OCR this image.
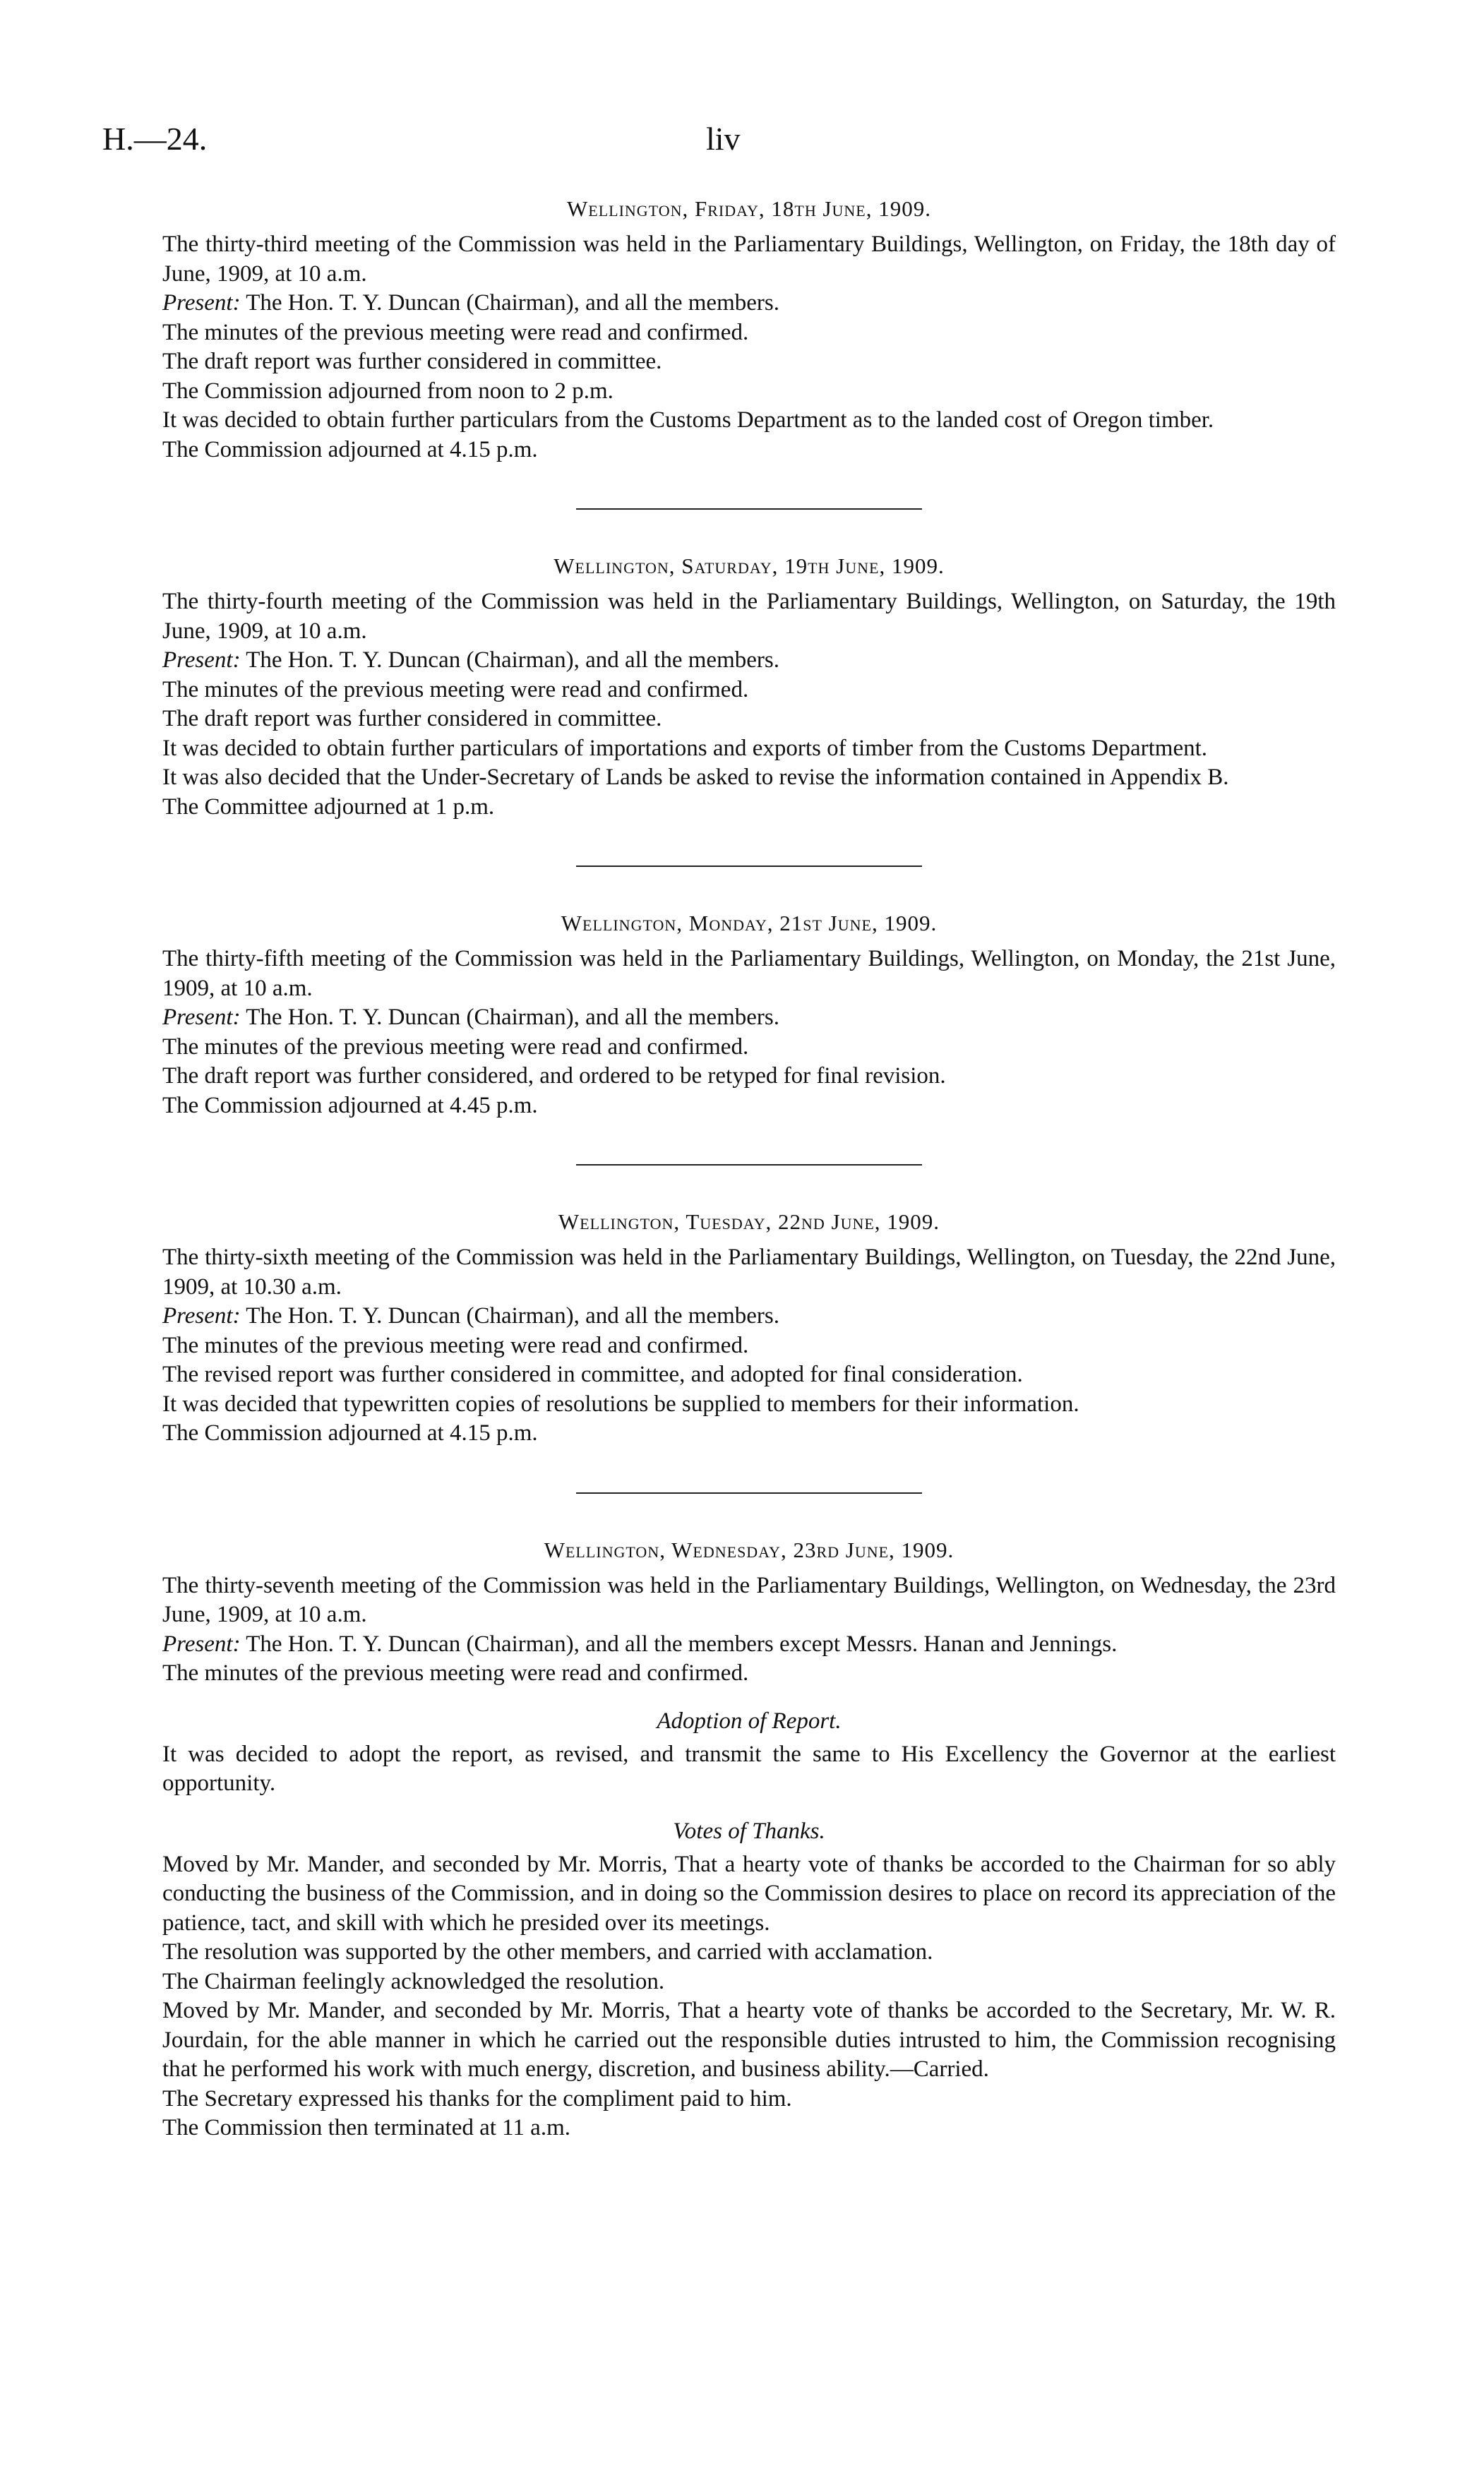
H.—24.	liv
Wellington, Friday, 18th June, 1909.

The thirty-third meeting of the Commission was held in the Parliamentary Buildings, Wellington, on Friday, the 18th day of June, 1909, at 10 a.m.

Present: The Hon. T. Y. Duncan (Chairman), and all the members.

The minutes of the previous meeting were read and confirmed.

The draft report was further considered in committee.

The Commission adjourned from noon to 2 p.m.

It was decided to obtain further particulars from the Customs Department as to the landed cost of Oregon timber.

The Commission adjourned at 4.15 p.m.

Wellington, Saturday, 19th June, 1909.

The thirty-fourth meeting of the Commission was held in the Parliamentary Buildings, Wellington, on Saturday, the 19th June, 1909, at 10 a.m.

Present: The Hon. T. Y. Duncan (Chairman), and all the members.

The minutes of the previous meeting were read and confirmed.

The draft report was further considered in committee.

It was decided to obtain further particulars of importations and exports of timber from the Customs Department.

It was also decided that the Under-Secretary of Lands be asked to revise the information contained in Appendix B.

The Committee adjourned at 1 p.m.

Wellington, Monday, 21st June, 1909.

The thirty-fifth meeting of the Commission was held in the Parliamentary Buildings, Wellington, on Monday, the 21st June, 1909, at 10 a.m.

Present: The Hon. T. Y. Duncan (Chairman), and all the members.

The minutes of the previous meeting were read and confirmed.

The draft report was further considered, and ordered to be retyped for final revision.

The Commission adjourned at 4.45 p.m.

Wellington, Tuesday, 22nd June, 1909.

The thirty-sixth meeting of the Commission was held in the Parliamentary Buildings, Wellington, on Tuesday, the 22nd June, 1909, at 10.30 a.m.

Present: The Hon. T. Y. Duncan (Chairman), and all the members.

The minutes of the previous meeting were read and confirmed.

The revised report was further considered in committee, and adopted for final consideration.

It was decided that typewritten copies of resolutions be supplied to members for their information.

The Commission adjourned at 4.15 p.m.

Wellington, Wednesday, 23rd June, 1909.

The thirty-seventh meeting of the Commission was held in the Parliamentary Buildings, Wellington, on Wednesday, the 23rd June, 1909, at 10 a.m.

Present: The Hon. T. Y. Duncan (Chairman), and all the members except Messrs. Hanan and Jennings.

The minutes of the previous meeting were read and confirmed.

Adoption of Report.

It was decided to adopt the report, as revised, and transmit the same to His Excellency the Governor at the earliest opportunity.

Votes of Thanks.

Moved by Mr. Mander, and seconded by Mr. Morris, That a hearty vote of thanks be accorded to the Chairman for so ably conducting the business of the Commission, and in doing so the Commission desires to place on record its appreciation of the patience, tact, and skill with which he presided over its meetings.

The resolution was supported by the other members, and carried with acclamation.

The Chairman feelingly acknowledged the resolution.

Moved by Mr. Mander, and seconded by Mr. Morris, That a hearty vote of thanks be accorded to the Secretary, Mr. W. R. Jourdain, for the able manner in which he carried out the responsible duties intrusted to him, the Commission recognising that he performed his work with much energy, discretion, and business ability.—Carried.

The Secretary expressed his thanks for the compliment paid to him.

The Commission then terminated at 11 a.m.
